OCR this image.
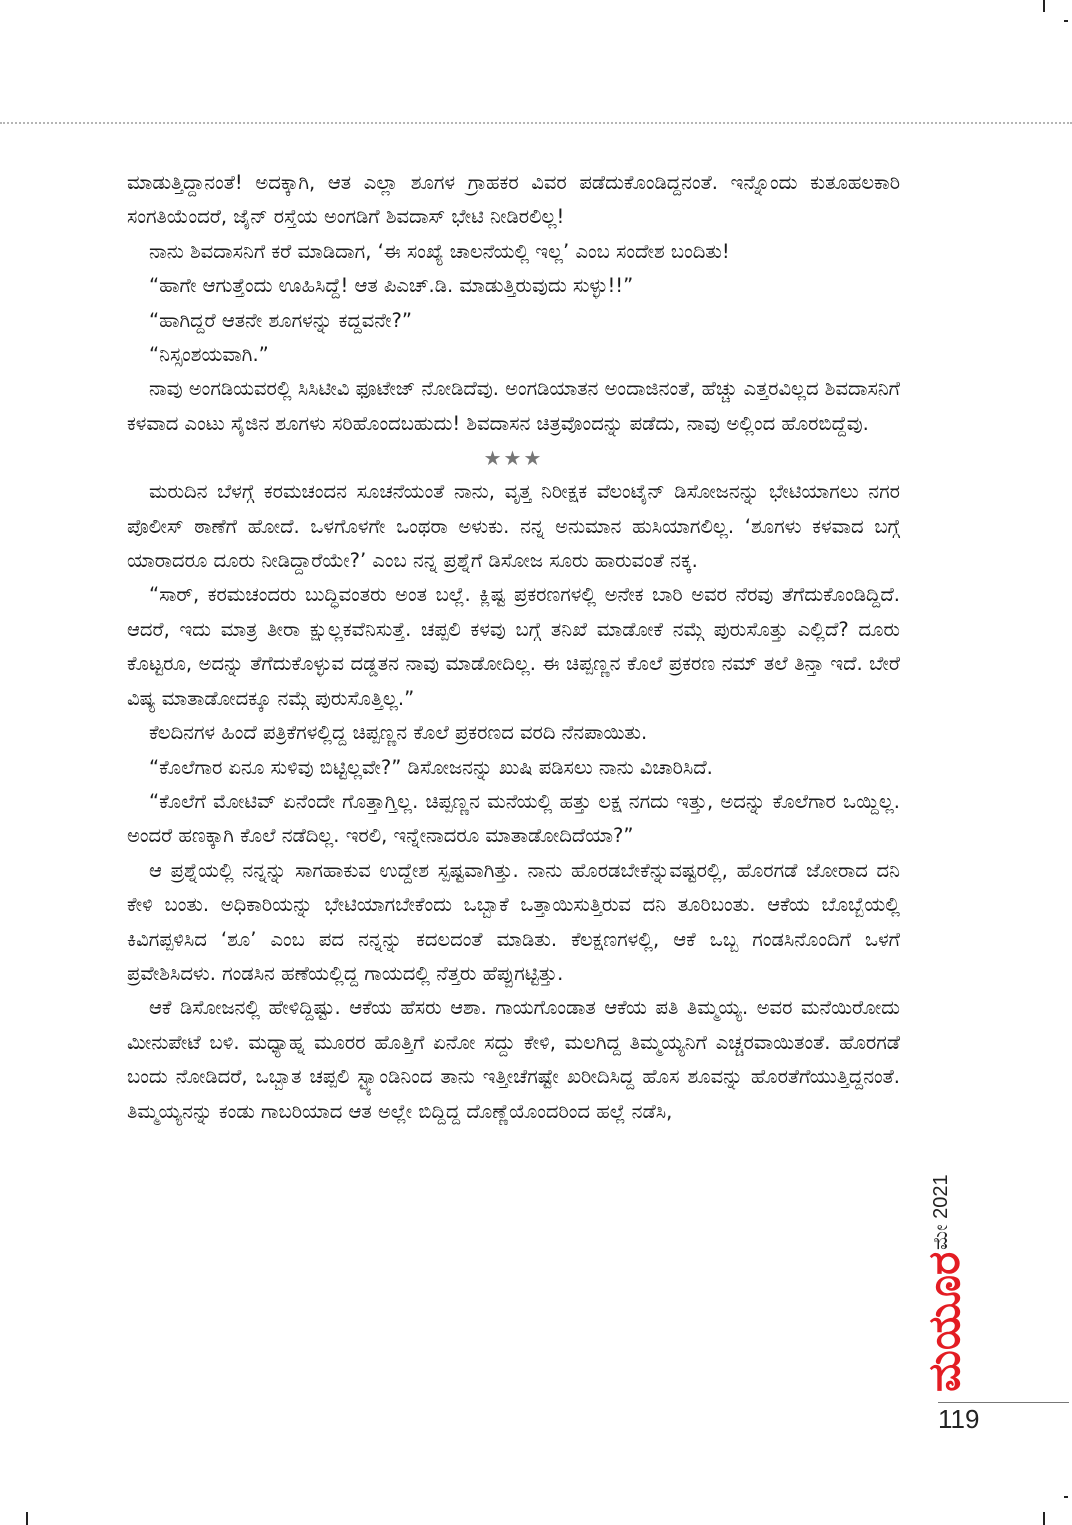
ಮಾಡುತ್ತಿದ್ದಾನಂತೆ! ಅದಕ್ಕಾಗಿ, ಆತ ಎಲ್ಲಾ ಶೂಗಳ ಗ್ರಾಹಕರ ವಿವರ ಪಡೆದುಕೊಂಡಿದ್ದನಂತೆ. ಇನ್ನೊಂದು ಕುತೂಹಲಕಾರಿ ಸಂಗತಿಯೆಂದರೆ, ಜೈನ್ ರಸ್ತೆಯ ಅಂಗಡಿಗೆ ಶಿವದಾಸ್ ಭೇಟಿ ನೀಡಿರಲಿಲ್ಲ!

ನಾನು ಶಿವದಾಸನಿಗೆ ಕರೆ ಮಾಡಿದಾಗ, ‘ಈ ಸಂಖ್ಯೆ ಚಾಲನೆಯಲ್ಲಿ ಇಲ್ಲ’ ಎಂಬ ಸಂದೇಶ ಬಂದಿತು!

“ಹಾಗೇ ಆಗುತ್ತೆಂದು ಊಹಿಸಿದ್ದೆ! ಆತ ಪಿಎಚ್.ಡಿ. ಮಾಡುತ್ತಿರುವುದು ಸುಳ್ಳು!!”

“ಹಾಗಿದ್ದರೆ ಆತನೇ ಶೂಗಳನ್ನು ಕದ್ದವನೇ?”

“ನಿಸ್ಸಂಶಯವಾಗಿ.”

ನಾವು ಅಂಗಡಿಯವರಲ್ಲಿ ಸಿಸಿಟೀವಿ ಫೂಟೇಜ್ ನೋಡಿದೆವು. ಅಂಗಡಿಯಾತನ ಅಂದಾಜಿನಂತೆ, ಹೆಚ್ಚು ಎತ್ತರವಿಲ್ಲದ ಶಿವದಾಸನಿಗೆ ಕಳವಾದ ಎಂಟು ಸೈಜಿನ ಶೂಗಳು ಸರಿಹೊಂದಬಹುದು! ಶಿವದಾಸನ ಚಿತ್ರವೊಂದನ್ನು ಪಡೆದು, ನಾವು ಅಲ್ಲಿಂದ ಹೊರಬಿದ್ದೆವು.

★★★

ಮರುದಿನ ಬೆಳಗ್ಗೆ ಕರಮಚಂದನ ಸೂಚನೆಯಂತೆ ನಾನು, ವೃತ್ತ ನಿರೀಕ್ಷಕ ವೆಲಂಟೈನ್ ಡಿಸೋಜನನ್ನು ಭೇಟಿಯಾಗಲು ನಗರ ಪೊಲೀಸ್ ಠಾಣೆಗೆ ಹೋದೆ. ಒಳಗೊಳಗೇ ಒಂಥರಾ ಅಳುಕು. ನನ್ನ ಅನುಮಾನ ಹುಸಿಯಾಗಲಿಲ್ಲ. ‘ಶೂಗಳು ಕಳವಾದ ಬಗ್ಗೆ ಯಾರಾದರೂ ದೂರು ನೀಡಿದ್ದಾರೆಯೇ?’ ಎಂಬ ನನ್ನ ಪ್ರಶ್ನೆಗೆ ಡಿಸೋಜ ಸೂರು ಹಾರುವಂತೆ ನಕ್ಕ.

“ಸಾರ್, ಕರಮಚಂದರು ಬುದ್ಧಿವಂತರು ಅಂತ ಬಲ್ಲೆ. ಕ್ಲಿಷ್ಟ ಪ್ರಕರಣಗಳಲ್ಲಿ ಅನೇಕ ಬಾರಿ ಅವರ ನೆರವು ತೆಗೆದುಕೊಂಡಿದ್ದಿದೆ. ಆದರೆ, ಇದು ಮಾತ್ರ ತೀರಾ ಕ್ಷುಲ್ಲಕವೆನಿಸುತ್ತೆ. ಚಪ್ಪಲಿ ಕಳವು ಬಗ್ಗೆ ತನಿಖೆ ಮಾಡೋಕೆ ನಮ್ಗೆ ಪುರುಸೊತ್ತು ಎಲ್ಲಿದೆ? ದೂರು ಕೊಟ್ಟರೂ, ಅದನ್ನು ತೆಗೆದುಕೊಳ್ಳುವ ದಡ್ಡತನ ನಾವು ಮಾಡೋದಿಲ್ಲ. ಈ ಚಿಪ್ಪಣ್ಣನ ಕೊಲೆ ಪ್ರಕರಣ ನಮ್ ತಲೆ ತಿನ್ತಾ ಇದೆ. ಬೇರೆ ವಿಷ್ಯ ಮಾತಾಡೋದಕ್ಕೂ ನಮ್ಗೆ ಪುರುಸೊತ್ತಿಲ್ಲ.”

ಕೆಲದಿನಗಳ ಹಿಂದೆ ಪತ್ರಿಕೆಗಳಲ್ಲಿದ್ದ ಚಿಪ್ಪಣ್ಣನ ಕೊಲೆ ಪ್ರಕರಣದ ವರದಿ ನೆನಪಾಯಿತು.

“ಕೊಲೆಗಾರ ಏನೂ ಸುಳಿವು ಬಿಟ್ಟಿಲ್ಲವೇ?” ಡಿಸೋಜನನ್ನು ಖುಷಿ ಪಡಿಸಲು ನಾನು ವಿಚಾರಿಸಿದೆ.

“ಕೊಲೆಗೆ ಮೋಟಿವ್ ಏನೆಂದೇ ಗೊತ್ತಾಗ್ತಿಲ್ಲ. ಚಿಪ್ಪಣ್ಣನ ಮನೆಯಲ್ಲಿ ಹತ್ತು ಲಕ್ಷ ನಗದು ಇತ್ತು, ಅದನ್ನು ಕೊಲೆಗಾರ ಒಯ್ದಿಲ್ಲ. ಅಂದರೆ ಹಣಕ್ಕಾಗಿ ಕೊಲೆ ನಡೆದಿಲ್ಲ. ಇರಲಿ, ಇನ್ನೇನಾದರೂ ಮಾತಾಡೋದಿದೆಯಾ?”

ಆ ಪ್ರಶ್ನೆಯಲ್ಲಿ ನನ್ನನ್ನು ಸಾಗಹಾಕುವ ಉದ್ದೇಶ ಸ್ಪಷ್ಟವಾಗಿತ್ತು. ನಾನು ಹೊರಡಬೇಕೆನ್ನುವಷ್ಟರಲ್ಲಿ, ಹೊರಗಡೆ ಜೋರಾದ ದನಿ ಕೇಳಿ ಬಂತು. ಅಧಿಕಾರಿಯನ್ನು ಭೇಟಿಯಾಗಬೇಕೆಂದು ಒಬ್ಬಾಕೆ ಒತ್ತಾಯಿಸುತ್ತಿರುವ ದನಿ ತೂರಿಬಂತು. ಆಕೆಯ ಬೊಬ್ಬೆಯಲ್ಲಿ ಕಿವಿಗಪ್ಪಳಿಸಿದ ‘ಶೂ’ ಎಂಬ ಪದ ನನ್ನನ್ನು ಕದಲದಂತೆ ಮಾಡಿತು. ಕೆಲಕ್ಷಣಗಳಲ್ಲಿ, ಆಕೆ ಒಬ್ಬ ಗಂಡಸಿನೊಂದಿಗೆ ಒಳಗೆ ಪ್ರವೇಶಿಸಿದಳು. ಗಂಡಸಿನ ಹಣೆಯಲ್ಲಿದ್ದ ಗಾಯದಲ್ಲಿ ನೆತ್ತರು ಹೆಪ್ಪುಗಟ್ಟಿತ್ತು.

ಆಕೆ ಡಿಸೋಜನಲ್ಲಿ ಹೇಳಿದ್ದಿಷ್ಟು. ಆಕೆಯ ಹೆಸರು ಆಶಾ. ಗಾಯಗೊಂಡಾತ ಆಕೆಯ ಪತಿ ತಿಮ್ಮಯ್ಯ. ಅವರ ಮನೆಯಿರೋದು ಮೀನುಪೇಟೆ ಬಳಿ. ಮಧ್ಯಾಹ್ನ ಮೂರರ ಹೊತ್ತಿಗೆ ಏನೋ ಸದ್ದು ಕೇಳಿ, ಮಲಗಿದ್ದ ತಿಮ್ಮಯ್ಯನಿಗೆ ಎಚ್ಚರವಾಯಿತಂತೆ. ಹೊರಗಡೆ ಬಂದು ನೋಡಿದರೆ, ಒಬ್ಬಾತ ಚಪ್ಪಲಿ ಸ್ಟ್ಯಾಂಡಿನಿಂದ ತಾನು ಇತ್ತೀಚೆಗಷ್ಟೇ ಖರೀದಿಸಿದ್ದ ಹೊಸ ಶೂವನ್ನು ಹೊರತೆಗೆಯುತ್ತಿದ್ದನಂತೆ. ತಿಮ್ಮಯ್ಯನನ್ನು ಕಂಡು ಗಾಬರಿಯಾದ ಆತ ಅಲ್ಲೇ ಬಿದ್ದಿದ್ದ ದೊಣ್ಣೆಯೊಂದರಿಂದ ಹಲ್ಲೆ ನಡೆಸಿ,

ಮೇ 2021
ಮಯೂರ
119
